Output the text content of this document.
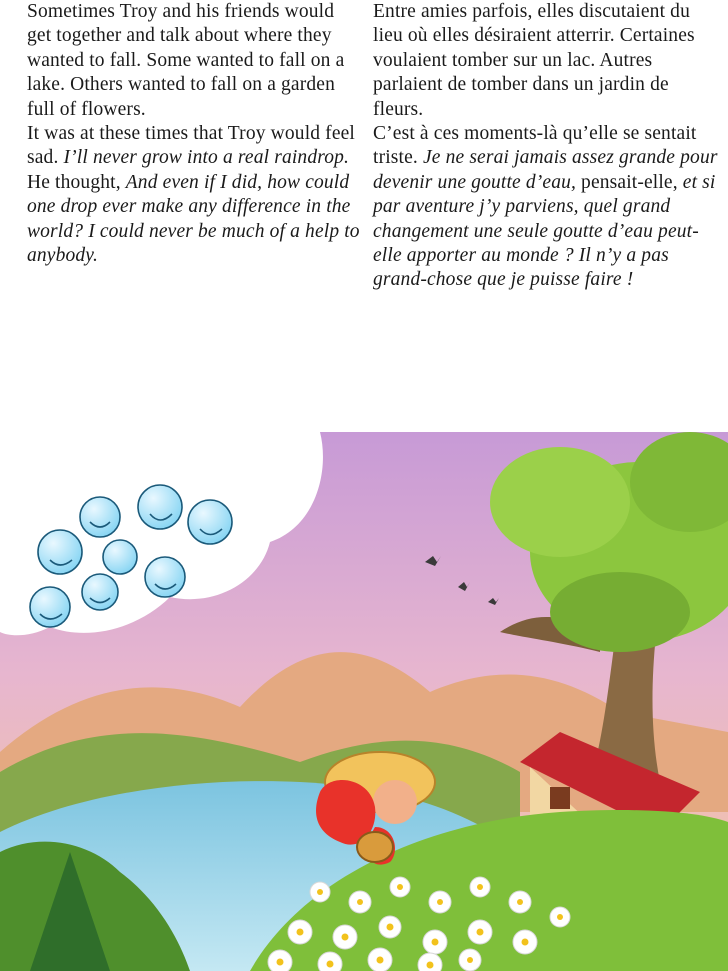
Sometimes Troy and his friends would get together and talk about where they wanted to fall. Some wanted to fall on a lake. Others wanted to fall on a garden full of flowers.

It was at these times that Troy would feel sad. I’ll never grow into a real raindrop. He thought, And even if I did, how could one drop ever make any difference in the world? I could never be much of a help to anybody.

Entre amies parfois, elles discutaient du lieu où elles désiraient atterrir. Certaines voulaient tomber sur un lac. Autres parlaient de tomber dans un jardin de fleurs.

C’est à ces moments-là qu’elle se sentait triste. Je ne serai jamais assez grande pour devenir une goutte d’eau, pensait-elle, et si par aventure j’y parviens, quel grand changement une seule goutte d’eau peut-elle apporter au monde ? Il n’y a pas grand-chose que je puisse faire !
